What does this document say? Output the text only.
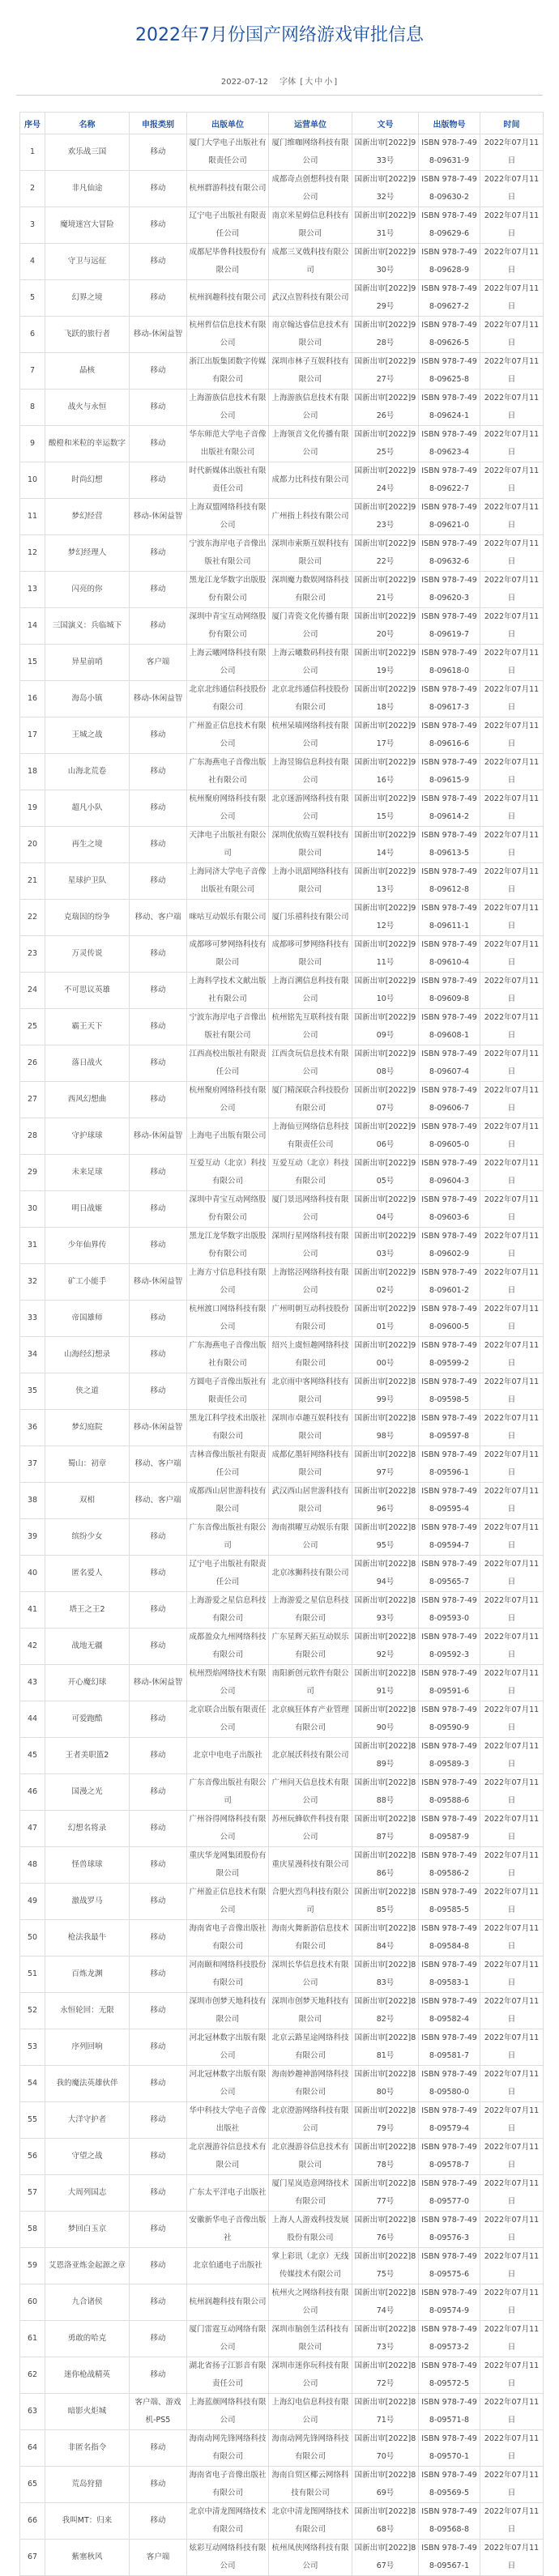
2022年7月份国产网络游戏审批信息
2022-07-12 字体 [ 大 中 小 ]
序号	名称	申报类别	出版单位	运营单位	文号	出版物号	时间
1	欢乐战三国	移动	厦门大学电子出版社有限责任公司	厦门维咖网络科技有限公司	国新出审[2022]933号	ISBN 978-7-498-09631-9	2022年07月11日
2	非凡仙途	移动	杭州群游科技有限公司	成都奇点创想科技有限公司	国新出审[2022]932号	ISBN 978-7-498-09630-2	2022年07月11日
3	魔境迷宫大冒险	移动	辽宁电子出版社有限责任公司	南京米星姆信息科技有限公司	国新出审[2022]931号	ISBN 978-7-498-09629-6	2022年07月11日
4	守卫与远征	移动	成都尼毕鲁科技股份有限公司	成都三叉戟科技有限公司	国新出审[2022]930号	ISBN 978-7-498-09628-9	2022年07月11日
5	幻界之境	移动	杭州润趣科技有限公司	武汉点智科技有限公司	国新出审[2022]929号	ISBN 978-7-498-09627-2	2022年07月11日
6	飞跃的旅行者	移动-休闲益智	杭州哲信信息技术有限公司	南京翰达睿信息技术有限公司	国新出审[2022]928号	ISBN 978-7-498-09626-5	2022年07月11日
7	晶核	移动	浙江出版集团数字传媒有限公司	深圳市林子互娱科技有限公司	国新出审[2022]927号	ISBN 978-7-498-09625-8	2022年07月11日
8	战火与永恒	移动	上海游族信息技术有限公司	上海游族信息技术有限公司	国新出审[2022]926号	ISBN 978-7-498-09624-1	2022年07月11日
9	酸橙和米粒的幸运数字	移动	华东师范大学电子音像出版社有限公司	上海领音文化传播有限公司	国新出审[2022]925号	ISBN 978-7-498-09623-4	2022年07月11日
10	时尚幻想	移动	时代新媒体出版社有限责任公司	成都力比科技有限公司	国新出审[2022]924号	ISBN 978-7-498-09622-7	2022年07月11日
11	梦幻经营	移动-休闲益智	上海双盟网络科技有限公司	广州指上科技有限公司	国新出审[2022]923号	ISBN 978-7-498-09621-0	2022年07月11日
12	梦幻经理人	移动	宁波东海岸电子音像出版社有限公司	深圳市索斯互娱科技有限公司	国新出审[2022]922号	ISBN 978-7-498-09632-6	2022年07月11日
13	闪亮的你	移动	黑龙江龙华数字出版股份有限公司	深圳魔力数娱网络科技有限公司	国新出审[2022]921号	ISBN 978-7-498-09620-3	2022年07月11日
14	三国演义：兵临城下	移动	深圳中青宝互动网络股份有限公司	厦门青瓷文化传播有限公司	国新出审[2022]920号	ISBN 978-7-498-09619-7	2022年07月11日
15	异星前哨	客户端	上海云曦网络科技有限公司	上海云曦数码科技有限公司	国新出审[2022]919号	ISBN 978-7-498-09618-0	2022年07月11日
16	海岛小镇	移动-休闲益智	北京北纬通信科技股份有限公司	北京北纬通信科技股份有限公司	国新出审[2022]918号	ISBN 978-7-498-09617-3	2022年07月11日
17	王城之战	移动	广州盈正信息技术有限公司	杭州呆喵网络科技有限公司	国新出审[2022]917号	ISBN 978-7-498-09616-6	2022年07月11日
18	山海北荒卷	移动	广东海燕电子音像出版社有限公司	上海昱锦信息科技有限公司	国新出审[2022]916号	ISBN 978-7-498-09615-9	2022年07月11日
19	超凡小队	移动	杭州聚府网络科技有限公司	北京迷游网络科技有限公司	国新出审[2022]915号	ISBN 978-7-498-09614-2	2022年07月11日
20	再生之境	移动	天津电子出版社有限公司	深圳优依购互娱科技有限公司	国新出审[2022]914号	ISBN 978-7-498-09613-5	2022年07月11日
21	星球护卫队	移动	上海同济大学电子音像出版社有限公司	上海小讯韶网络科技有限公司	国新出审[2022]913号	ISBN 978-7-498-09612-8	2022年07月11日
22	克瑞因的纷争	移动、客户端	咪咕互动娱乐有限公司	厦门乐禧科技有限公司	国新出审[2022]912号	ISBN 978-7-498-09611-1	2022年07月11日
23	万灵传说	移动	成都哆可梦网络科技有限公司	成都哆可梦网络科技有限公司	国新出审[2022]911号	ISBN 978-7-498-09610-4	2022年07月11日
24	不可思议英雄	移动	上海科学技术文献出版社有限公司	上海百溯信息科技有限公司	国新出审[2022]910号	ISBN 978-7-498-09609-8	2022年07月11日
25	霸王天下	移动	宁波东海岸电子音像出版社有限公司	杭州铭先互联科技有限公司	国新出审[2022]909号	ISBN 978-7-498-09608-1	2022年07月11日
26	落日战火	移动	江西高校出版社有限责任公司	江西贪玩信息技术有限公司	国新出审[2022]908号	ISBN 978-7-498-09607-4	2022年07月11日
27	西风幻想曲	移动	杭州聚府网络科技有限公司	厦门精深联合科技股份有限公司	国新出审[2022]907号	ISBN 978-7-498-09606-7	2022年07月11日
28	守护球球	移动-休闲益智	上海电子出版有限公司	上海仙豆网络信息科技有限责任公司	国新出审[2022]906号	ISBN 978-7-498-09605-0	2022年07月11日
29	未来足球	移动	互爱互动（北京）科技有限公司	互爱互动（北京）科技有限公司	国新出审[2022]905号	ISBN 978-7-498-09604-3	2022年07月11日
30	明日战姬	移动	深圳中青宝互动网络股份有限公司	厦门景迅网络科技有限公司	国新出审[2022]904号	ISBN 978-7-498-09603-6	2022年07月11日
31	少年仙界传	移动	黑龙江龙华数字出版股份有限公司	深圳行星网络科技有限公司	国新出审[2022]903号	ISBN 978-7-498-09602-9	2022年07月11日
32	矿工小能手	移动-休闲益智	上海方寸信息科技有限公司	上海铭泾网络科技有限公司	国新出审[2022]902号	ISBN 978-7-498-09601-2	2022年07月11日
33	帝国雄师	移动	杭州渡口网络科技有限公司	广州明朝互动科技股份有限公司	国新出审[2022]901号	ISBN 978-7-498-09600-5	2022年07月11日
34	山海经幻想录	移动	广东海燕电子音像出版社有限公司	绍兴上虞恒趣网络科技有限公司	国新出审[2022]900号	ISBN 978-7-498-09599-2	2022年07月11日
35	侠之道	移动	方圆电子音像出版社有限责任公司	北京雨中客网络科技有限公司	国新出审[2022]899号	ISBN 978-7-498-09598-5	2022年07月11日
36	梦幻庭院	移动-休闲益智	黑龙江科学技术出版社有限公司	深圳市卓趣互娱科技有限公司	国新出审[2022]898号	ISBN 978-7-498-09597-8	2022年07月11日
37	蜀山：初章	移动、客户端	吉林音像出版社有限责任公司	成都亿墨轩网络科技有限公司	国新出审[2022]897号	ISBN 978-7-498-09596-1	2022年07月11日
38	双相	移动、客户端	成都西山居世游科技有限公司	武汉西山居世游科技有限公司	国新出审[2022]896号	ISBN 978-7-498-09595-4	2022年07月11日
39	缤纷少女	移动	广东音像出版社有限公司	海南祺曜互动娱乐有限公司	国新出审[2022]895号	ISBN 978-7-498-09594-7	2022年07月11日
40	匿名爱人	移动	辽宁电子出版社有限责任公司	北京冰狮科技有限公司	国新出审[2022]894号	ISBN 978-7-498-09565-7	2022年07月11日
41	塔王之王2	移动	上海游爱之星信息科技有限公司	上海游爱之星信息科技有限公司	国新出审[2022]893号	ISBN 978-7-498-09593-0	2022年07月11日
42	战地无疆	移动	成都盈众九州网络科技有限公司	广东星辉天拓互动娱乐有限公司	国新出审[2022]892号	ISBN 978-7-498-09592-3	2022年07月11日
43	开心魔幻球	移动-休闲益智	杭州烈焰网络技术有限公司	南阳新创元软件有限公司	国新出审[2022]891号	ISBN 978-7-498-09591-6	2022年07月11日
44	可爱跑酷	移动	北京联合出版有限责任公司	北京疯狂体育产业管理有限公司	国新出审[2022]890号	ISBN 978-7-498-09590-9	2022年07月11日
45	王者美职篮2	移动	北京中电电子出版社	北京展沃科技有限公司	国新出审[2022]889号	ISBN 978-7-498-09589-3	2022年07月11日
46	国漫之光	移动	广东音像出版社有限公司	广州问天信息技术有限公司	国新出审[2022]888号	ISBN 978-7-498-09588-6	2022年07月11日
47	幻想名将录	移动	广州谷得网络科技有限公司	苏州玩蜂软件科技有限公司	国新出审[2022]887号	ISBN 978-7-498-09587-9	2022年07月11日
48	怪兽球球	移动	重庆华龙网集团股份有限公司	重庆星漫科技有限公司	国新出审[2022]886号	ISBN 978-7-498-09586-2	2022年07月11日
49	激战罗马	移动	广州盈正信息技术有限公司	合肥火烈鸟科技有限公司	国新出审[2022]885号	ISBN 978-7-498-09585-5	2022年07月11日
50	枪法我最牛	移动	海南省电子音像出版社有限公司	海南火舞新游信息技术有限公司	国新出审[2022]884号	ISBN 978-7-498-09584-8	2022年07月11日
51	百炼龙渊	移动	河南颐和网络科技股份有限公司	深圳长华信息技术有限公司	国新出审[2022]883号	ISBN 978-7-498-09583-1	2022年07月11日
52	永恒轮回：无限	移动	深圳市创梦天地科技有限公司	深圳市创梦天地科技有限公司	国新出审[2022]882号	ISBN 978-7-498-09582-4	2022年07月11日
53	序列回响	移动	河北冠林数字出版有限公司	北京云路星途网络科技有限公司	国新出审[2022]881号	ISBN 978-7-498-09581-7	2022年07月11日
54	我的魔法英雄伙伴	移动	河北冠林数字出版有限公司	海南妙趣神游网络科技有限公司	国新出审[2022]880号	ISBN 978-7-498-09580-0	2022年07月11日
55	大洋守护者	移动	华中科技大学电子音像出版社	北京澄游网络科技有限公司	国新出审[2022]879号	ISBN 978-7-498-09579-4	2022年07月11日
56	守望之战	移动	北京漫游谷信息技术有限公司	北京漫游谷信息技术有限公司	国新出审[2022]878号	ISBN 978-7-498-09578-7	2022年07月11日
57	大周列国志	移动	广东太平洋电子出版社	厦门星岚造意网络技术有限公司	国新出审[2022]877号	ISBN 978-7-498-09577-0	2022年07月11日
58	梦回白玉京	移动	安徽新华电子音像出版社	上海人人游戏科技发展股份有限公司	国新出审[2022]876号	ISBN 978-7-498-09576-3	2022年07月11日
59	艾恩洛亚炼金起源之章	移动	北京伯通电子出版社	掌上彩讯（北京）无线传媒技术有限公司	国新出审[2022]875号	ISBN 978-7-498-09575-6	2022年07月11日
60	九合诸侯	移动	杭州润趣科技有限公司	杭州火之网络科技有限公司	国新出审[2022]874号	ISBN 978-7-498-09574-9	2022年07月11日
61	勇敢的哈克	移动	厦门雷霆互动网络有限公司	深圳市脑创生活科技有限公司	国新出审[2022]873号	ISBN 978-7-498-09573-2	2022年07月11日
62	迷你枪战精英	移动	湖北省扬子江影音有限责任公司	深圳市迷你玩科技有限公司	国新出审[2022]872号	ISBN 978-7-498-09572-5	2022年07月11日
63	暗影火炬城	客户端、游戏机-PS5	上海蓝颜网络科技有限公司	上海幻电信息科技有限公司	国新出审[2022]871号	ISBN 978-7-498-09571-8	2022年07月11日
64	非匿名指令	移动	海南动网先锋网络科技有限公司	海南动网先锋网络科技有限公司	国新出审[2022]870号	ISBN 978-7-498-09570-1	2022年07月11日
65	荒岛狩猎	移动	海南省电子音像出版社有限公司	海南自贸区椰云网络科技有限公司	国新出审[2022]869号	ISBN 978-7-498-09569-5	2022年07月11日
66	我叫MT：归来	移动	北京中清龙图网络技术有限公司	北京中清龙图网络技术有限公司	国新出审[2022]868号	ISBN 978-7-498-09568-8	2022年07月11日
67	紫塞秋风	客户端	炫彩互动网络科技有限公司	杭州凤侠网络科技有限公司	国新出审[2022]867号	ISBN 978-7-498-09567-1	2022年07月11日
